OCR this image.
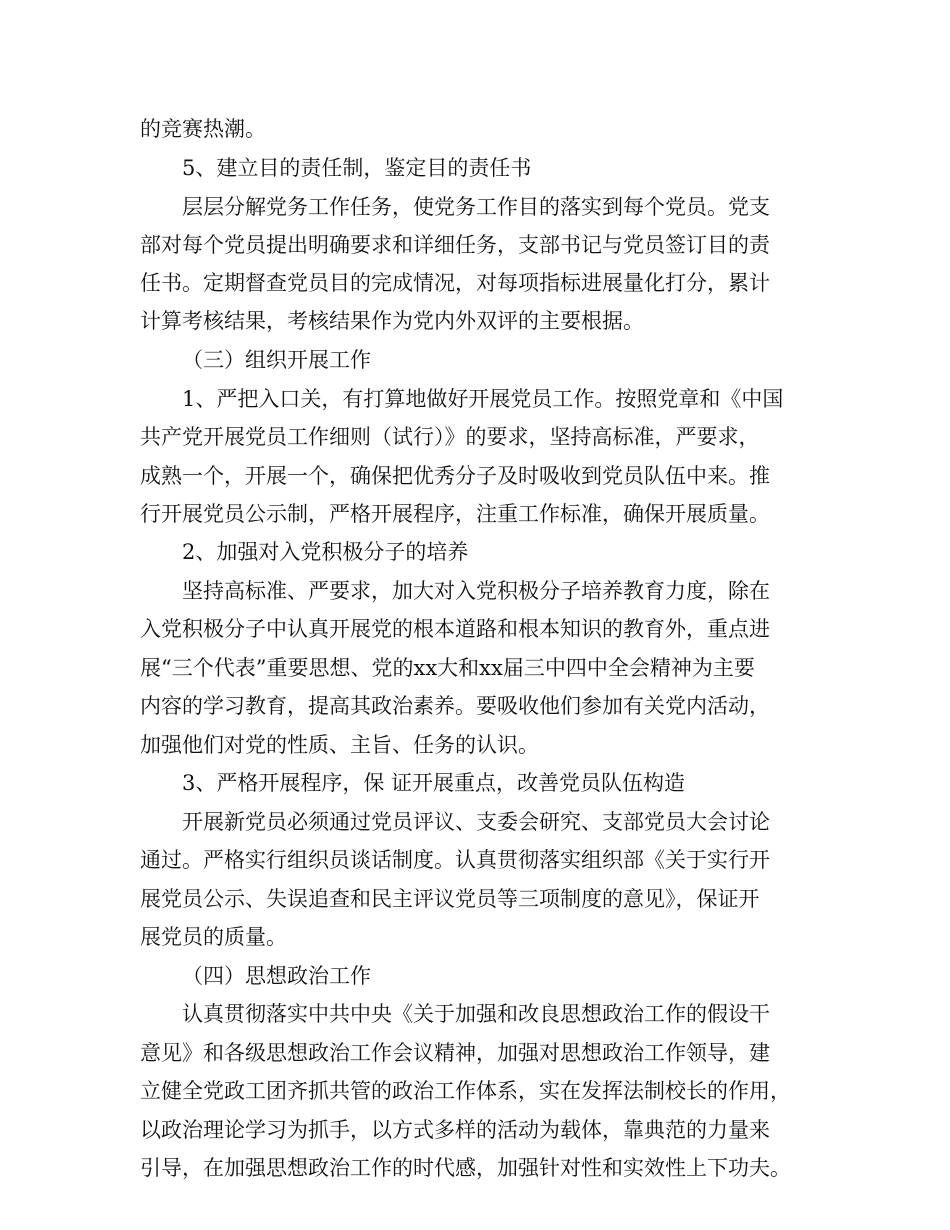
的竞赛热潮。
5、建立目的责任制，鉴定目的责任书
层层分解党务工作任务，使党务工作目的落实到每个党员。党支
部对每个党员提出明确要求和详细任务，支部书记与党员签订目的责
任书。定期督查党员目的完成情况，对每项指标进展量化打分，累计
计算考核结果，考核结果作为党内外双评的主要根据。
（三）组织开展工作
1、严把入口关，有打算地做好开展党员工作。按照党章和《中国
共产党开展党员工作细则（试行）》的要求，坚持高标准，严要求，
成熟一个，开展一个，确保把优秀分子及时吸收到党员队伍中来。推
行开展党员公示制，严格开展程序，注重工作标准，确保开展质量。
2、加强对入党积极分子的培养
坚持高标准、严要求，加大对入党积极分子培养教育力度，除在
入党积极分子中认真开展党的根本道路和根本知识的教育外，重点进
展“三个代表”重要思想、党的xx大和xx届三中四中全会精神为主要
内容的学习教育，提高其政治素养。要吸收他们参加有关党内活动，
加强他们对党的性质、主旨、任务的认识。
3、严格开展程序，保 证开展重点，改善党员队伍构造
开展新党员必须通过党员评议、支委会研究、支部党员大会讨论
通过。严格实行组织员谈话制度。认真贯彻落实组织部《关于实行开
展党员公示、失误追查和民主评议党员等三项制度的意见》，保证开
展党员的质量。
（四）思想政治工作
认真贯彻落实中共中央《关于加强和改良思想政治工作的假设干
意见》和各级思想政治工作会议精神，加强对思想政治工作领导，建
立健全党政工团齐抓共管的政治工作体系，实在发挥法制校长的作用，
以政治理论学习为抓手，以方式多样的活动为载体，靠典范的力量来
引导，在加强思想政治工作的时代感，加强针对性和实效性上下功夫。
